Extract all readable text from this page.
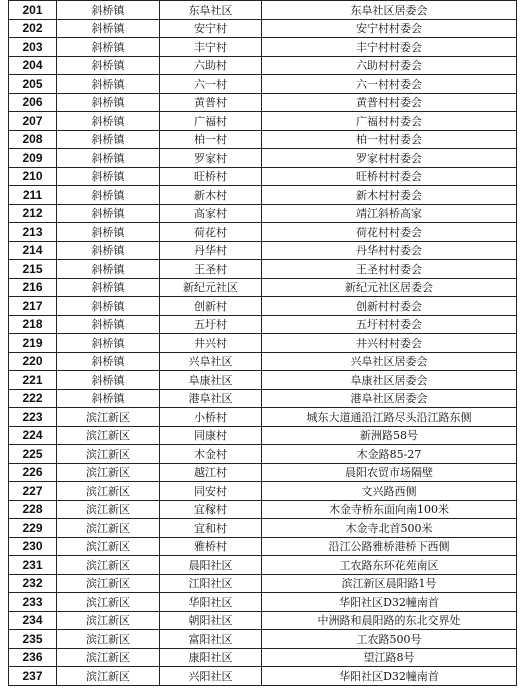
201	斜桥镇	东阜社区	东阜社区居委会
202	斜桥镇	安宁村	安宁村村委会
203	斜桥镇	丰宁村	丰宁村村委会
204	斜桥镇	六助村	六助村村委会
205	斜桥镇	六一村	六一村村委会
206	斜桥镇	黄普村	黄普村村委会
207	斜桥镇	广福村	广福村村委会
208	斜桥镇	柏一村	柏一村村委会
209	斜桥镇	罗家村	罗家村村委会
210	斜桥镇	旺桥村	旺桥村村委会
211	斜桥镇	新木村	新木村村委会
212	斜桥镇	高家村	靖江斜桥高家
213	斜桥镇	荷花村	荷花村村委会
214	斜桥镇	丹华村	丹华村村委会
215	斜桥镇	王圣村	王圣村村委会
216	斜桥镇	新纪元社区	新纪元社区居委会
217	斜桥镇	创新村	创新村村委会
218	斜桥镇	五圩村	五圩村村委会
219	斜桥镇	井兴村	井兴村村委会
220	斜桥镇	兴阜社区	兴阜社区居委会
221	斜桥镇	阜康社区	阜康社区居委会
222	斜桥镇	港阜社区	港阜社区居委会
223	滨江新区	小桥村	城东大道通沿江路尽头沿江路东侧
224	滨江新区	同康村	新洲路58号
225	滨江新区	木金村	木金路85-27
226	滨江新区	越江村	晨阳农贸市场隔壁
227	滨江新区	同安村	文兴路西侧
228	滨江新区	宜稼村	木金寺桥东面向南100米
229	滨江新区	宜和村	木金寺北首500米
230	滨江新区	雅桥村	沿江公路雅桥港桥下西侧
231	滨江新区	晨阳社区	工农路东环花苑南区
232	滨江新区	江阳社区	滨江新区晨阳路1号
233	滨江新区	华阳社区	华阳社区D32幢南首
234	滨江新区	朝阳社区	中洲路和晨阳路的东北交界处
235	滨江新区	富阳社区	工农路500号
236	滨江新区	康阳社区	望江路8号
237	滨江新区	兴阳社区	华阳社区D32幢南首
